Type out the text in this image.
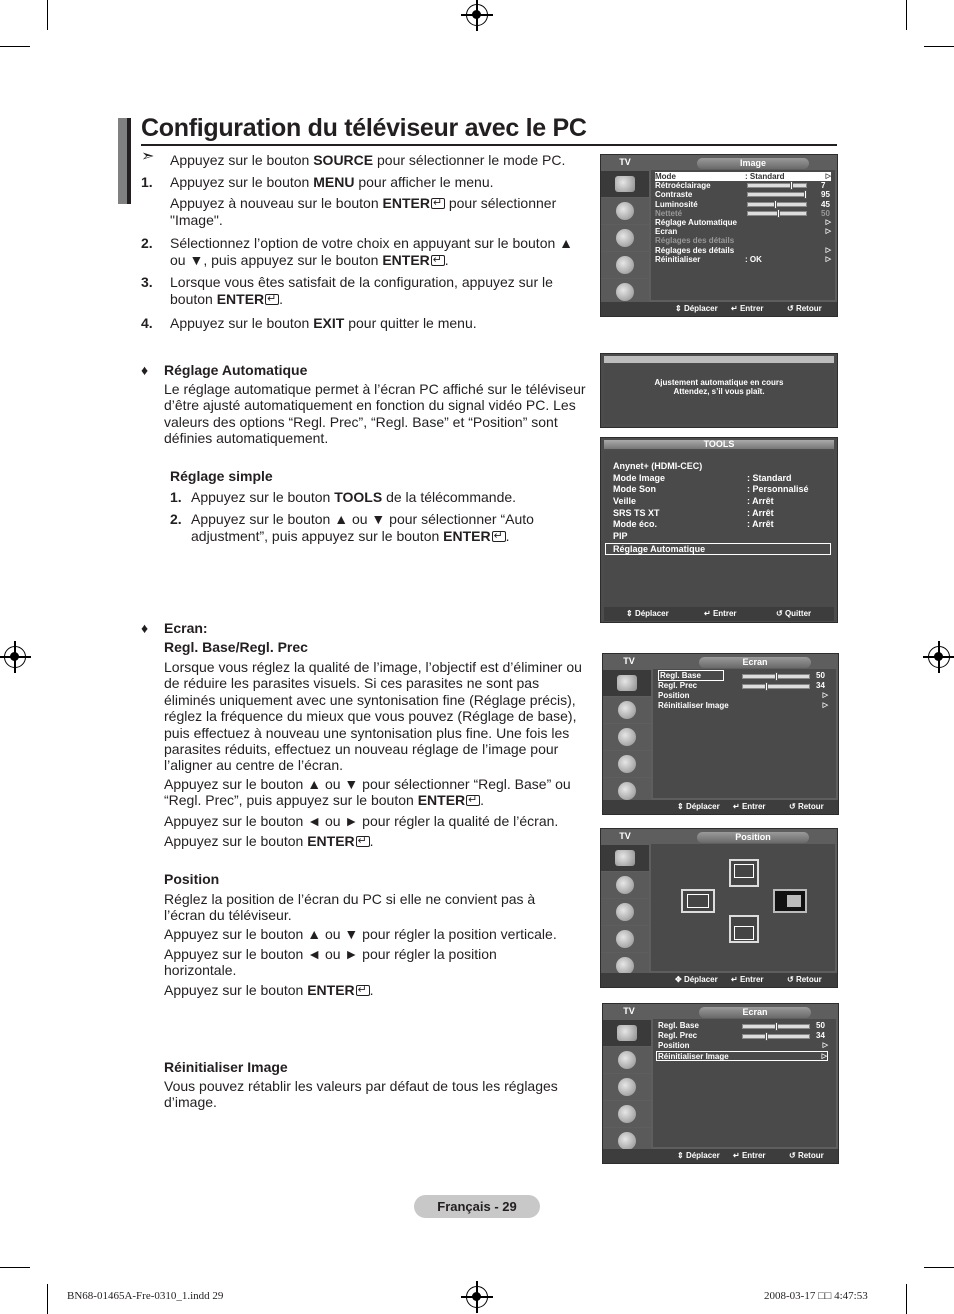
Configuration du téléviseur avec le PC
➣ Appuyez sur le bouton SOURCE pour sélectionner le mode PC.
1. Appuyez sur le bouton MENU pour afficher le menu.
Appuyez à nouveau sur le bouton ENTER↵ pour sélectionner "Image".
2. Sélectionnez l’option de votre choix en appuyant sur le bouton ▲ ou ▼, puis appuyez sur le bouton ENTER ↵ .
3. Lorsque vous êtes satisfait de la configuration, appuyez sur le bouton ENTER ↵ .
4. Appuyez sur le bouton EXIT pour quitter le menu.
♦ Réglage Automatique
Le réglage automatique permet à l’écran PC affiché sur le téléviseur d’être ajusté automatiquement en fonction du signal vidéo PC. Les valeurs des options “Regl. Prec”, “Regl. Base” et “Position” sont définies automatiquement.
Réglage simple
1. Appuyez sur le bouton TOOLS de la télécommande.
2. Appuyez sur le bouton ▲ ou ▼ pour sélectionner “Auto adjustment”, puis appuyez sur le bouton ENTER ↵ .
♦ Ecran:
Regl. Base/Regl. Prec
Lorsque vous réglez la qualité de l’image, l’objectif est d’éliminer ou de réduire les parasites visuels. Si ces parasites ne sont pas éliminés uniquement avec une syntonisation fine (Réglage précis), réglez la fréquence du mieux que vous pouvez (Réglage de base), puis effectuez à nouveau une syntonisation plus fine. Une fois les parasites réduits, effectuez un nouveau réglage de l’image pour l’aligner au centre de l’écran.
Appuyez sur le bouton ▲ ou ▼ pour sélectionner “Regl. Base” ou “Regl. Prec”, puis appuyez sur le bouton ENTER ↵ .
Appuyez sur le bouton ◄ ou ► pour régler la qualité de l’écran.
Appuyez sur le bouton ENTER ↵ .
Position
Réglez la position de l’écran du PC si elle ne convient pas à l’écran du téléviseur.
Appuyez sur le bouton ▲ ou ▼ pour régler la position verticale.
Appuyez sur le bouton ◄ ou ► pour régler la position horizontale.
Appuyez sur le bouton ENTER ↵ .
Réinitialiser Image
Vous pouvez rétablir les valeurs par défaut de tous les réglages d’image.
TV	Image
Mode	: Standard	▷
Rétroéclairage	7
Contraste	95
Luminosité	45
Netteté	50
Réglage Automatique	▷
Ecran	▷
Réglages des détails
Réglages des détails	▷
Réinitialiser	: OK	▷
⇕ Déplacer ↵ Entrer	↺ Retour
Ajustement automatique en cours
Attendez, s’il vous plaît.
TOOLS
Anynet+ (HDMI-CEC)
Mode Image	: Standard
Mode Son	: Personnalisé
Veille	: Arrêt
SRS TS XT	: Arrêt
Mode éco.	: Arrêt
PIP
Réglage Automatique
⇕ Déplacer	↵ Entrer	↺ Quitter
TV	Ecran
Regl. Base	50
Regl. Prec	34
Position	▷
Réinitialiser Image	▷
⇕ Déplacer ↵ Entrer	↺ Retour
TV	Position
✥ Déplacer ↵ Entrer	↺ Retour
TV	Ecran
Regl. Base	50
Regl. Prec	34
Position	▷
Réinitialiser Image	▷
⇕ Déplacer ↵ Entrer	↺ Retour
Français - 29
BN68-01465A-Fre-0310_1.indd 29	2008-03-17 □□ 4:47:53
